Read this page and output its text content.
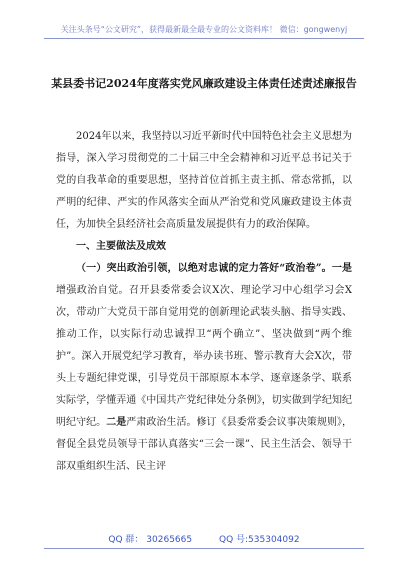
关注头条号“公文研究”，获得最新最全最专业的公文资料库！ 微信：gongwenyj
某县委书记2024年度落实党风廉政建设主体责任述责述廉报告

2024年以来，我坚持以习近平新时代中国特色社会主义思想为指导，深入学习贯彻党的二十届三中全会精神和习近平总书记关于党的自我革命的重要思想，坚持首位首抓主责主抓、常态常抓，以严明的纪律、严实的作风落实全面从严治党和党风廉政建设主体责任，为加快全县经济社会高质量发展提供有力的政治保障。

一、主要做法及成效

（一）突出政治引领，以绝对忠诚的定力答好“政治卷”。一是增强政治自觉。召开县委常委会议X次、理论学习中心组学习会X次，带动广大党员干部自觉用党的创新理论武装头脑、指导实践、推动工作，以实际行动忠诚捍卫“两个确立”、坚决做到“两个维护”。深入开展党纪学习教育，举办读书班、警示教育大会X次，带头上专题纪律党课，引导党员干部原原本本学、逐章逐条学、联系实际学，学懂弄通《中国共产党纪律处分条例》，切实做到学纪知纪明纪守纪。二是严肃政治生活。修订《县委常委会议事决策规则》，督促全县党员领导干部认真落实“三会一课”、民主生活会、领导干部双重组织生活、民主评

QQ 群： 30265665	QQ 号:535304092
